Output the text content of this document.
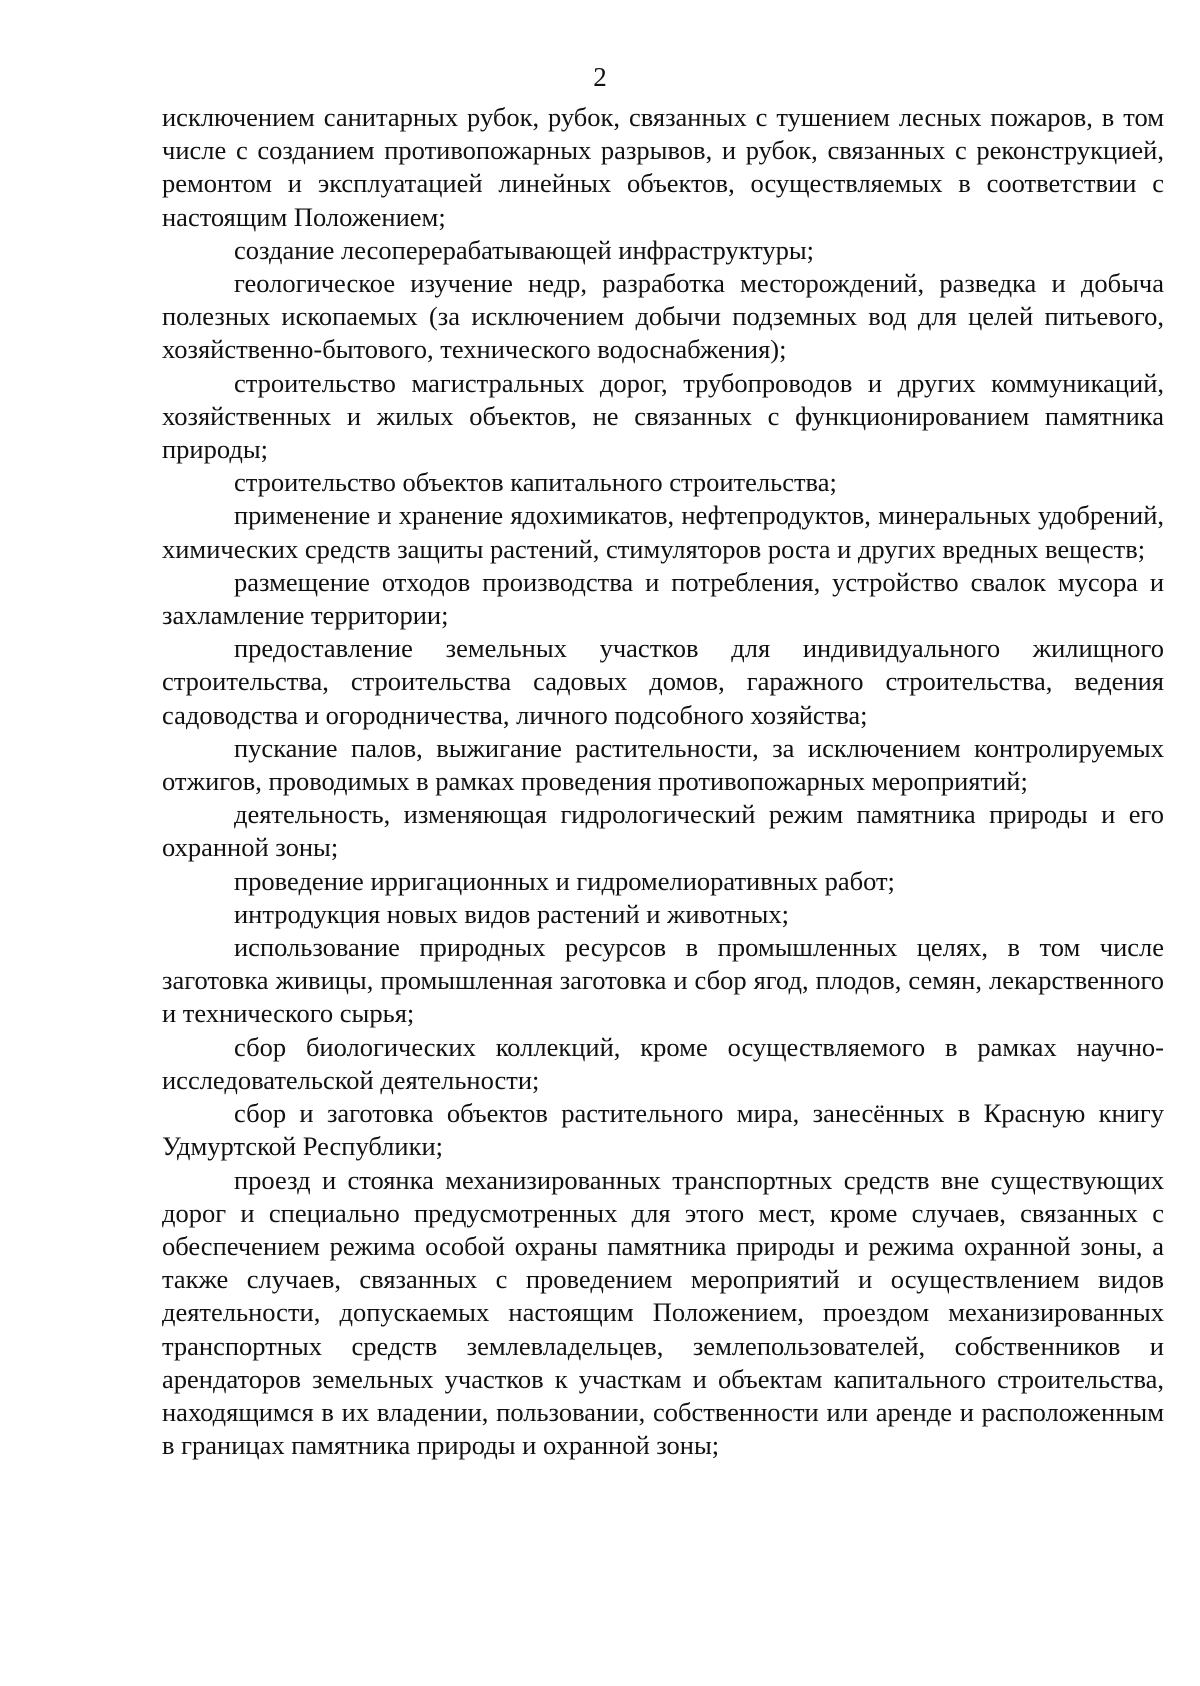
2

исключением санитарных рубок, рубок, связанных с тушением лесных пожаров, в том числе с созданием противопожарных разрывов, и рубок, связанных с реконструкцией, ремонтом и эксплуатацией линейных объектов, осуществляемых в соответствии с настоящим Положением;

создание лесоперерабатывающей инфраструктуры;

геологическое изучение недр, разработка месторождений, разведка и добыча полезных ископаемых (за исключением добычи подземных вод для целей питьевого, хозяйственно-бытового, технического водоснабжения);

строительство магистральных дорог, трубопроводов и других коммуникаций, хозяйственных и жилых объектов, не связанных с функционированием памятника природы;

строительство объектов капитального строительства;

применение и хранение ядохимикатов, нефтепродуктов, минеральных удобрений, химических средств защиты растений, стимуляторов роста и других вредных веществ;

размещение отходов производства и потребления, устройство свалок мусора и захламление территории;

предоставление земельных участков для индивидуального жилищного строительства, строительства садовых домов, гаражного строительства, ведения садоводства и огородничества, личного подсобного хозяйства;

пускание палов, выжигание растительности, за исключением контролируемых отжигов, проводимых в рамках проведения противопожарных мероприятий;

деятельность, изменяющая гидрологический режим памятника природы и его охранной зоны;

проведение ирригационных и гидромелиоративных работ;

интродукция новых видов растений и животных;

использование природных ресурсов в промышленных целях, в том числе заготовка живицы, промышленная заготовка и сбор ягод, плодов, семян, лекарственного и технического сырья;

сбор биологических коллекций, кроме осуществляемого в рамках научно-исследовательской деятельности;

сбор и заготовка объектов растительного мира, занесённых в Красную книгу Удмуртской Республики;

проезд и стоянка механизированных транспортных средств вне существующих дорог и специально предусмотренных для этого мест, кроме случаев, связанных с обеспечением режима особой охраны памятника природы и режима охранной зоны, а также случаев, связанных с проведением мероприятий и осуществлением видов деятельности, допускаемых настоящим Положением, проездом механизированных транспортных средств землевладельцев, землепользователей, собственников и арендаторов земельных участков к участкам и объектам капитального строительства, находящимся в их владении, пользовании, собственности или аренде и расположенным в границах памятника природы и охранной зоны;
